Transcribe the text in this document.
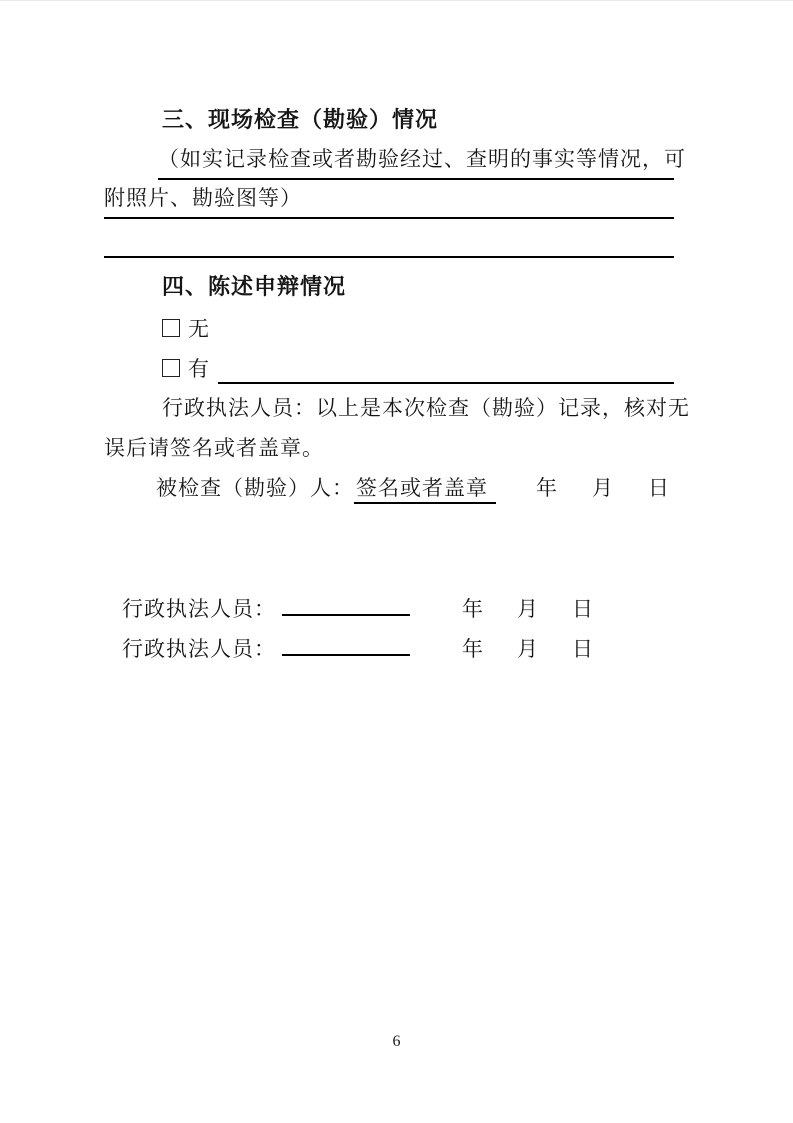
三、现场检查（勘验）情况
（如实记录检查或者勘验经过、查明的事实等情况，可
附照片、勘验图等）
四、陈述申辩情况
无
有
行政执法人员：以上是本次检查（勘验）记录，核对无
误后请签名或者盖章。
被检查（勘验）人：签名或者盖章 年 月 日
行政执法人员：	年 月 日
行政执法人员：	年 月 日
6
